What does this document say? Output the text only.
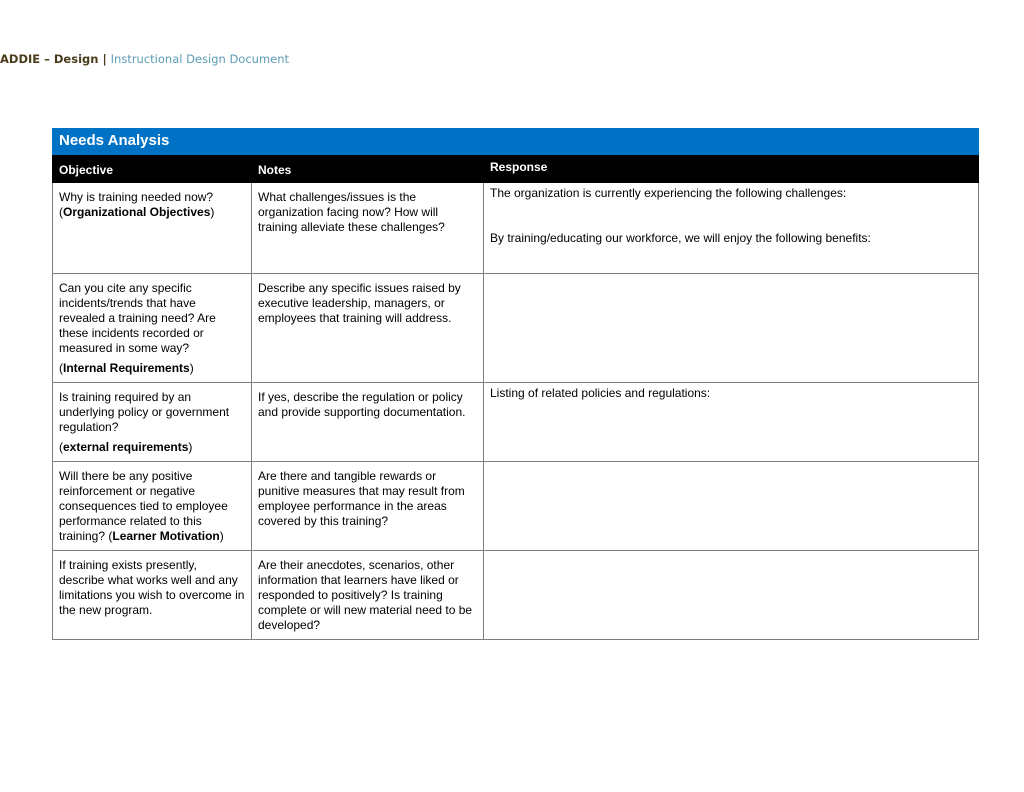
ADDIE – Design | Instructional Design Document
Needs Analysis		

Objective	Notes	Response

Why is training needed now? (Organizational Objectives)	What challenges/issues is the organization facing now? How will training alleviate these challenges?	The organization is currently experiencing the following challenges:
By training/educating our workforce, we will enjoy the following benefits:

Can you cite any specific incidents/trends that have revealed a training need? Are these incidents recorded or measured in some way?
(Internal Requirements)	Describe any specific issues raised by executive leadership, managers, or employees that training will address.	

Is training required by an underlying policy or government regulation?
(external requirements)	If yes, describe the regulation or policy and provide supporting documentation.	Listing of related policies and regulations:

Will there be any positive reinforcement or negative consequences tied to employee performance related to this training? (Learner Motivation)	Are there and tangible rewards or punitive measures that may result from employee performance in the areas covered by this training?	

If training exists presently, describe what works well and any limitations you wish to overcome in the new program.	Are their anecdotes, scenarios, other information that learners have liked or responded to positively? Is training complete or will new material need to be developed?	
